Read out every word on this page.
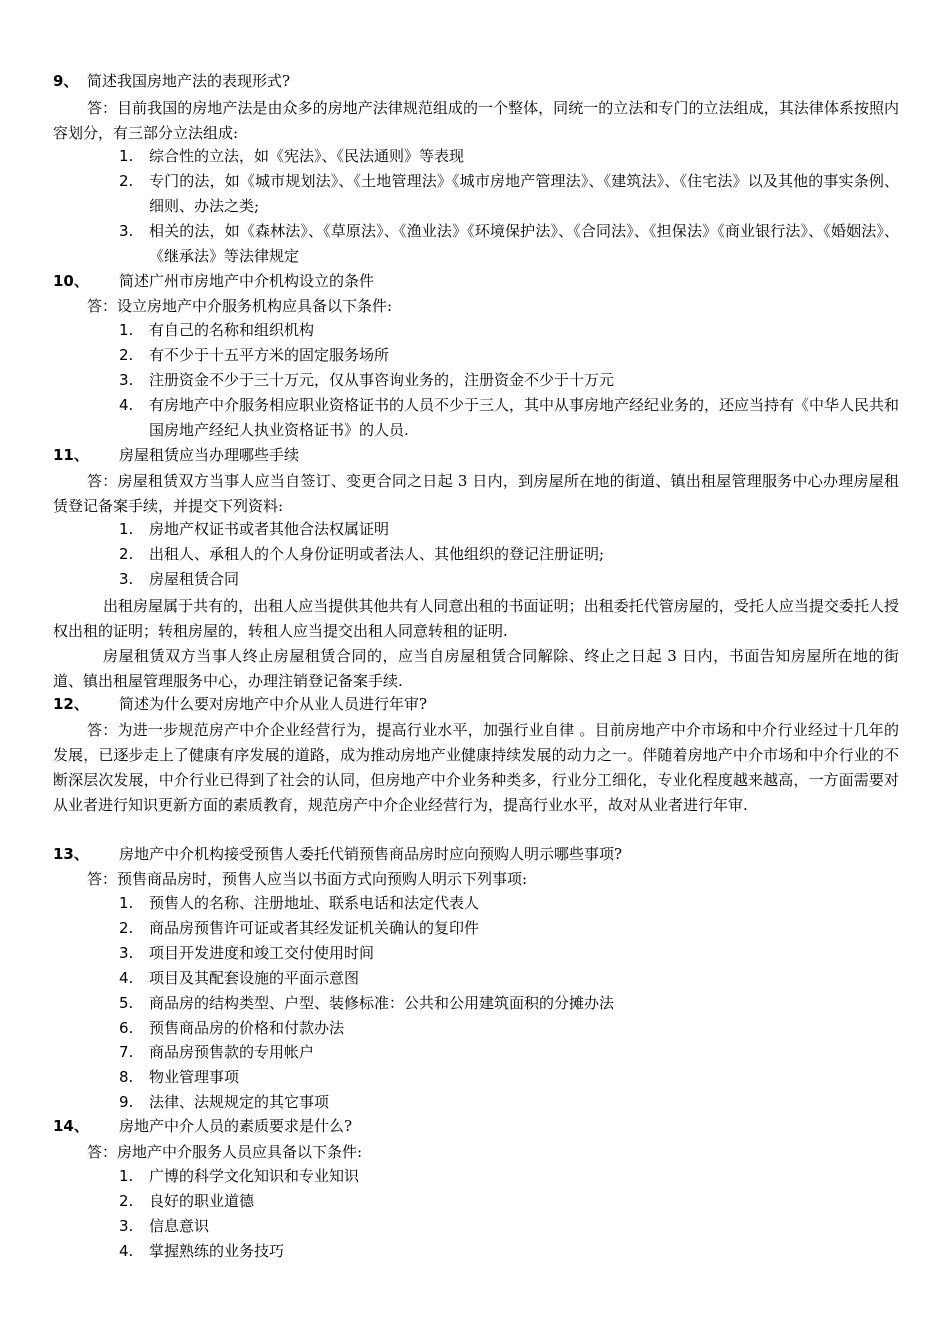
9、 简述我国房地产法的表现形式?
答：目前我国的房地产法是由众多的房地产法律规范组成的一个整体，同统一的立法和专门的立法组成，其法律体系按照内容划分，有三部分立法组成:
1. 综合性的立法，如《宪法》、《民法通则》等表现
2. 专门的法，如《城市规划法》、《土地管理法》《城市房地产管理法》、《建筑法》、《住宅法》以及其他的事实条例、细则、办法之类;
3. 相关的法，如《森林法》、《草原法》、《渔业法》《环境保护法》、《合同法》、《担保法》《商业银行法》、《婚姻法》、《继承法》等法律规定
10、 简述广州市房地产中介机构设立的条件
答：设立房地产中介服务机构应具备以下条件:
1. 有自己的名称和组织机构
2. 有不少于十五平方米的固定服务场所
3. 注册资金不少于三十万元，仅从事咨询业务的，注册资金不少于十万元
4. 有房地产中介服务相应职业资格证书的人员不少于三人，其中从事房地产经纪业务的，还应当持有《中华人民共和国房地产经纪人执业资格证书》的人员.
11、 房屋租赁应当办理哪些手续
答：房屋租赁双方当事人应当自签订、变更合同之日起 3 日内，到房屋所在地的街道、镇出租屋管理服务中心办理房屋租赁登记备案手续，并提交下列资料:
1. 房地产权证书或者其他合法权属证明
2. 出租人、承租人的个人身份证明或者法人、其他组织的登记注册证明;
3. 房屋租赁合同
出租房屋属于共有的，出租人应当提供其他共有人同意出租的书面证明；出租委托代管房屋的，受托人应当提交委托人授权出租的证明；转租房屋的，转租人应当提交出租人同意转租的证明.
房屋租赁双方当事人终止房屋租赁合同的，应当自房屋租赁合同解除、终止之日起 3 日内，书面告知房屋所在地的街道、镇出租屋管理服务中心，办理注销登记备案手续.
12、 简述为什么要对房地产中介从业人员进行年审?
答：为进一步规范房产中介企业经营行为，提高行业水平，加强行业自律 。目前房地产中介市场和中介行业经过十几年的发展，已逐步走上了健康有序发展的道路，成为推动房地产业健康持续发展的动力之一。伴随着房地产中介市场和中介行业的不断深层次发展，中介行业已得到了社会的认同，但房地产中介业务种类多，行业分工细化，专业化程度越来越高，一方面需要对从业者进行知识更新方面的素质教育，规范房产中介企业经营行为，提高行业水平，故对从业者进行年审.
13、 房地产中介机构接受预售人委托代销预售商品房时应向预购人明示哪些事项?
答：预售商品房时，预售人应当以书面方式向预购人明示下列事项:
1. 预售人的名称、注册地址、联系电话和法定代表人
2. 商品房预售许可证或者其经发证机关确认的复印件
3. 项目开发进度和竣工交付使用时间
4. 项目及其配套设施的平面示意图
5. 商品房的结构类型、户型、装修标准：公共和公用建筑面积的分摊办法
6. 预售商品房的价格和付款办法
7. 商品房预售款的专用帐户
8. 物业管理事项
9. 法律、法规规定的其它事项
14、 房地产中介人员的素质要求是什么?
答：房地产中介服务人员应具备以下条件:
1. 广博的科学文化知识和专业知识
2. 良好的职业道德
3. 信息意识
4. 掌握熟练的业务技巧
